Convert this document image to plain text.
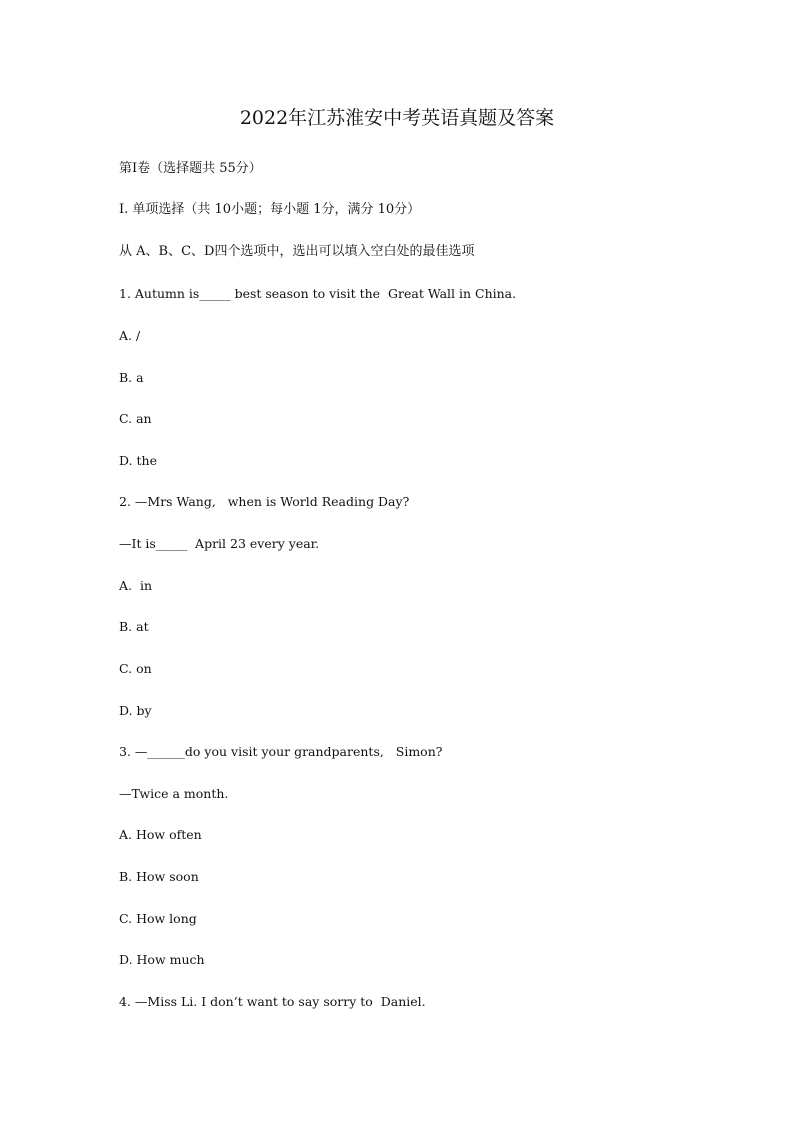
2022年江苏淮安中考英语真题及答案
第Ⅰ卷（选择题共 55分）
Ⅰ. 单项选择（共 10小题；每小题 1分，满分 10分）
从 A、B、C、D四个选项中，选出可以填入空白处的最佳选项
1. Autumn is_____ best season to visit the  Great Wall in China.
A. /
B. a
C. an
D. the
2. —Mrs Wang,   when is World Reading Day?
—It is_____  April 23 every year.
A.  in
B. at
C. on
D. by
3. —______do you visit your grandparents,   Simon?
—Twice a month.
A. How often
B. How soon
C. How long
D. How much
4. —Miss Li. I don’t want to say sorry to  Daniel.
